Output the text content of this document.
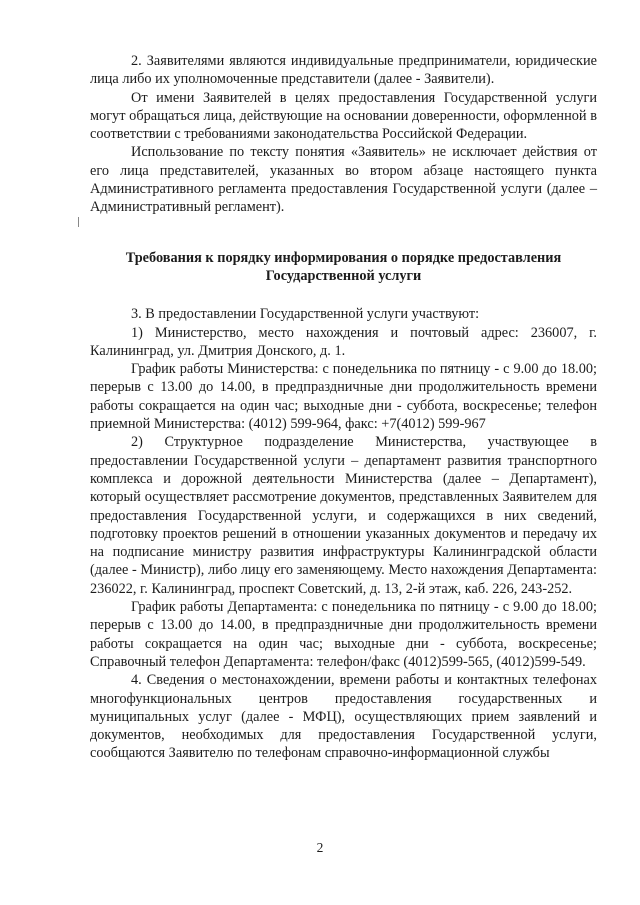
2. Заявителями являются индивидуальные предприниматели, юридические лица либо их уполномоченные представители (далее - Заявители).

От имени Заявителей в целях предоставления Государственной услуги могут обращаться лица, действующие на основании доверенности, оформленной в соответствии с требованиями законодательства Российской Федерации.

Использование по тексту понятия «Заявитель» не исключает действия от его лица представителей, указанных во втором абзаце настоящего пункта Административного регламента предоставления Государственной услуги (далее – Административный регламент).

Требования к порядку информирования о порядке предоставления Государственной услуги

3. В предоставлении Государственной услуги участвуют:

1) Министерство, место нахождения и почтовый адрес: 236007, г. Калининград, ул. Дмитрия Донского, д. 1.

График работы Министерства: с понедельника по пятницу - с 9.00 до 18.00; перерыв с 13.00 до 14.00, в предпраздничные дни продолжительность времени работы сокращается на один час; выходные дни - суббота, воскресенье; телефон приемной Министерства: (4012) 599-964, факс: +7(4012) 599-967

2) Структурное подразделение Министерства, участвующее в предоставлении Государственной услуги – департамент развития транспортного комплекса и дорожной деятельности Министерства (далее – Департамент), который осуществляет рассмотрение документов, представленных Заявителем для предоставления Государственной услуги, и содержащихся в них сведений, подготовку проектов решений в отношении указанных документов и передачу их на подписание министру развития инфраструктуры Калининградской области (далее - Министр), либо лицу его заменяющему. Место нахождения Департамента: 236022, г. Калининград, проспект Советский, д. 13, 2-й этаж, каб. 226, 243-252.

График работы Департамента: с понедельника по пятницу - с 9.00 до 18.00; перерыв с 13.00 до 14.00, в предпраздничные дни продолжительность времени работы сокращается на один час; выходные дни - суббота, воскресенье; Справочный телефон Департамента: телефон/факс (4012)599-565, (4012)599-549.

4. Сведения о местонахождении, времени работы и контактных телефонах многофункциональных центров предоставления государственных и муниципальных услуг (далее - МФЦ), осуществляющих прием заявлений и документов, необходимых для предоставления Государственной услуги, сообщаются Заявителю по телефонам справочно-информационной службы

2
